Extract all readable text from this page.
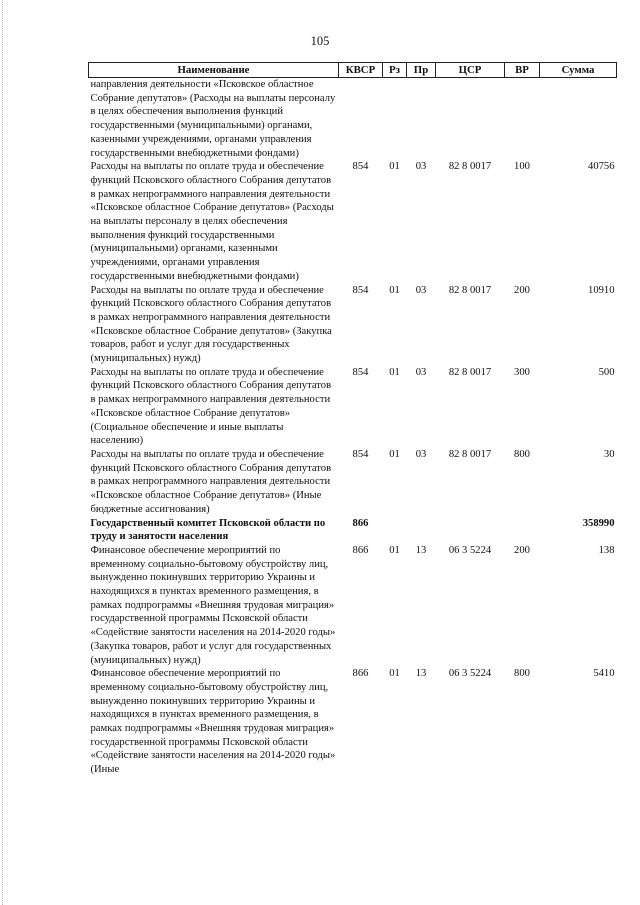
105
Наименование	КВСР	Рз	Пр	ЦСР	ВР	Сумма
направления деятельности «Псковское областное Собрание депутатов» (Расходы на выплаты персоналу в целях обеспечения выполнения функций государственными (муниципальными) органами, казенными учреждениями, органами управления государственными внебюджетными фондами)						
Расходы на выплаты по оплате труда и обеспечение функций Псковского областного Собрания депутатов в рамках непрограммного направления деятельности «Псковское областное Собрание депутатов» (Расходы на выплаты персоналу в целях обеспечения выполнения функций государственными (муниципальными) органами, казенными учреждениями, органами управления государственными внебюджетными фондами)	854	01	03	82 8 0017	100	40756
Расходы на выплаты по оплате труда и обеспечение функций Псковского областного Собрания депутатов в рамках непрограммного направления деятельности «Псковское областное Собрание депутатов» (Закупка товаров, работ и услуг для государственных (муниципальных) нужд)	854	01	03	82 8 0017	200	10910
Расходы на выплаты по оплате труда и обеспечение функций Псковского областного Собрания депутатов в рамках непрограммного направления деятельности «Псковское областное Собрание депутатов» (Социальное обеспечение и иные выплаты населению)	854	01	03	82 8 0017	300	500
Расходы на выплаты по оплате труда и обеспечение функций Псковского областного Собрания депутатов в рамках непрограммного направления деятельности «Псковское областное Собрание депутатов» (Иные бюджетные ассигнования)	854	01	03	82 8 0017	800	30
Государственный комитет Псковской области по труду и занятости населения	866					358990
Финансовое обеспечение мероприятий по временному социально-бытовому обустройству лиц, вынужденно покинувших территорию Украины и находящихся в пунктах временного размещения, в рамках подпрограммы «Внешняя трудовая миграция» государственной программы Псковской области «Содействие занятости населения на 2014-2020 годы» (Закупка товаров, работ и услуг для государственных (муниципальных) нужд)	866	01	13	06 3 5224	200	138
Финансовое обеспечение мероприятий по временному социально-бытовому обустройству лиц, вынужденно покинувших территорию Украины и находящихся в пунктах временного размещения, в рамках подпрограммы «Внешняя трудовая миграция» государственной программы Псковской области «Содействие занятости населения на 2014-2020 годы» (Иные	866	01	13	06 3 5224	800	5410
